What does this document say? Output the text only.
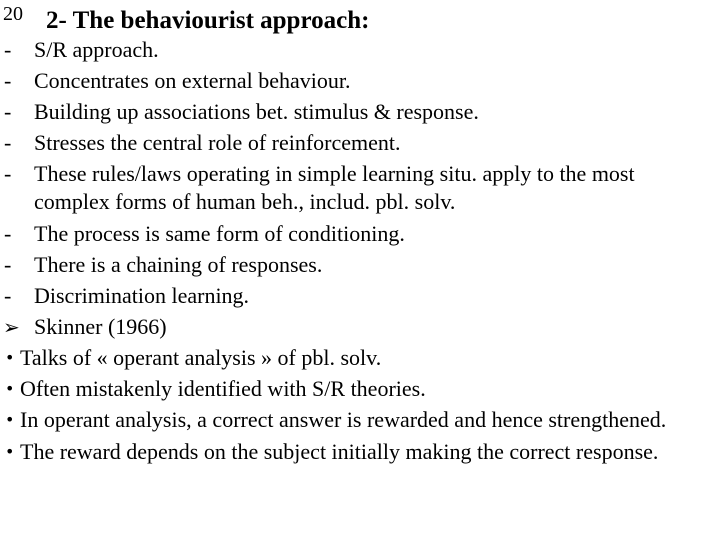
20 2- The behaviourist approach:
- S/R approach.
- Concentrates on external behaviour.
- Building up associations bet. stimulus & response.
- Stresses the central role of reinforcement.
- These rules/laws operating in simple learning situ. apply to the most complex forms of human beh., includ. pbl. solv.
- The process is same form of conditioning.
- There is a chaining of responses.
- Discrimination learning.
➢ Skinner (1966)
• Talks of « operant analysis » of pbl. solv.
• Often mistakenly identified with S/R theories.
• In operant analysis, a correct answer is rewarded and hence strengthened.
• The reward depends on the subject initially making the correct response.
